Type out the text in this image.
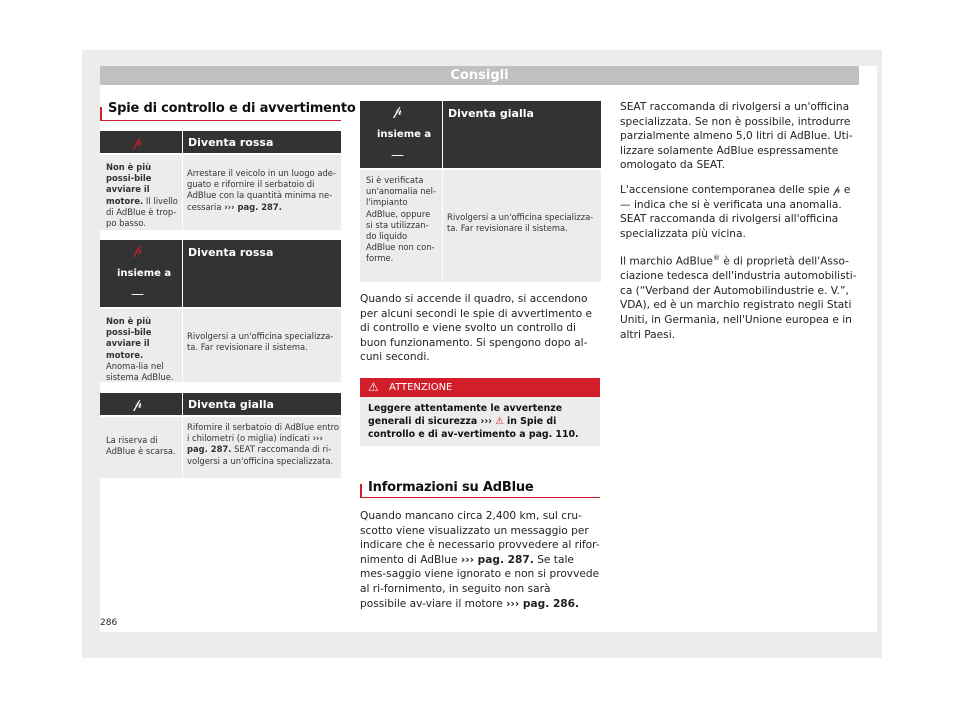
Consigli
Spie di controllo e di avvertimento
𝓅	Diventa rossa
Non è più possi-bile avviare il motore. Il livello di AdBlue è trop-po basso.
Arrestare il veicolo in un luogo ade-guato e rifornire il serbatoio di AdBlue con la quantità minima ne-cessaria ››› pag. 287.
𝓅
insieme a
—
Diventa rossa
Non è più possi-bile avviare il motore. Anoma-lia nel sistema AdBlue.
Rivolgersi a un'officina specializza-ta. Far revisionare il sistema.
𝓅	Diventa gialla
La riserva di AdBlue è scarsa.
Rifornire il serbatoio di AdBlue entro i chilometri (o miglia) indicati ››› pag. 287. SEAT raccomanda di ri-volgersi a un'officina specializzata.
𝓅
insieme a
—
Diventa gialla
Si è verificata un'anomalia nel-l'impianto AdBlue, oppure si sta utilizzan-do liquido AdBlue non con-forme.
Rivolgersi a un'officina specializza-ta. Far revisionare il sistema.
Quando si accende il quadro, si accendono per alcuni secondi le spie di avvertimento e di controllo e viene svolto un controllo di buon funzionamento. Si spengono dopo al-cuni secondi.
⚠ ATTENZIONE
Leggere attentamente le avvertenze generali di sicurezza ››› ⚠ in Spie di controllo e di av-vertimento a pag. 110.
Informazioni su AdBlue
Quando mancano circa 2,400 km, sul cru-scotto viene visualizzato un messaggio per indicare che è necessario provvedere al rifor-nimento di AdBlue ››› pag. 287. Se tale mes-saggio viene ignorato e non si provvede al ri-fornimento, in seguito non sarà possibile av-viare il motore ››› pag. 286.
SEAT raccomanda di rivolgersi a un'officina specializzata. Se non è possibile, introdurre parzialmente almeno 5,0 litri di AdBlue. Uti-lizzare solamente AdBlue espressamente omologato da SEAT.
L'accensione contemporanea delle spie 𝓅 e — indica che si è verificata una anomalia. SEAT raccomanda di rivolgersi all'officina specializzata più vicina.
Il marchio AdBlue® è di proprietà dell'Asso-ciazione tedesca dell'industria automobilisti-ca (“Verband der Automobilindustrie e. V.”, VDA), ed è un marchio registrato negli Stati Uniti, in Germania, nell'Unione europea e in altri Paesi.
286
